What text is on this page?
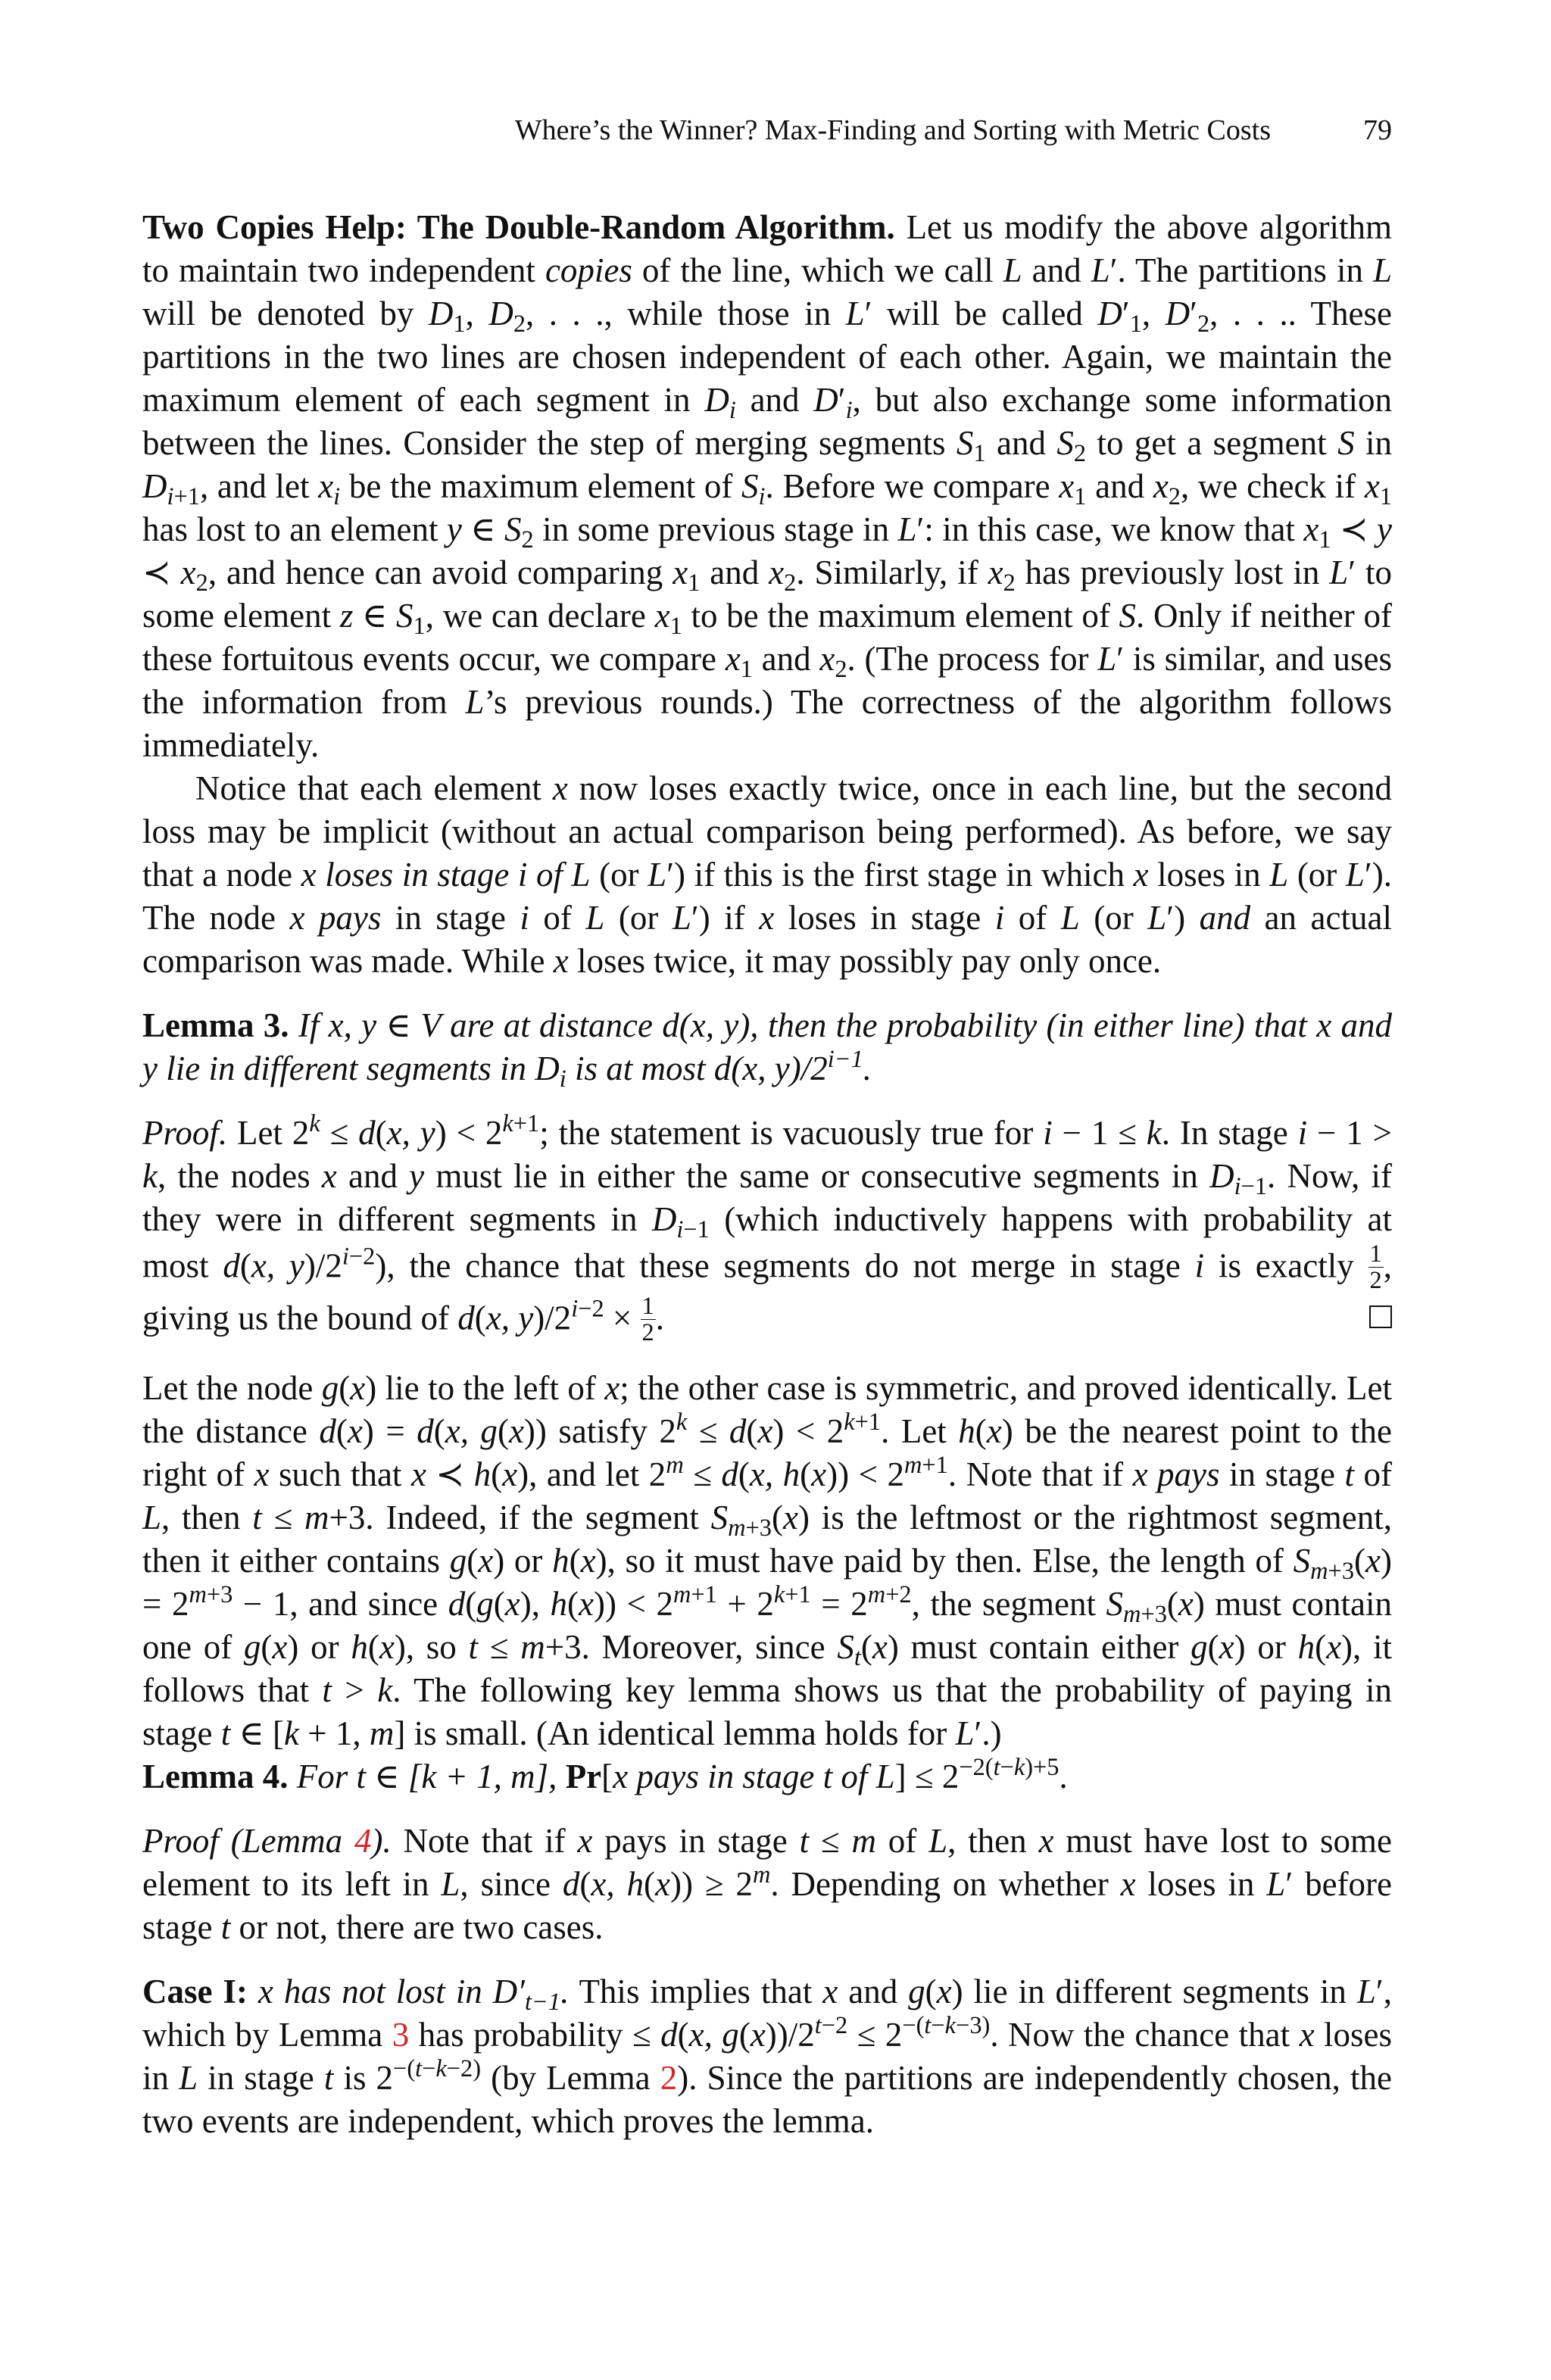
Where’s the Winner? Max-Finding and Sorting with Metric Costs	79

Two Copies Help: The Double-Random Algorithm. Let us modify the above algorithm to maintain two independent copies of the line, which we call L and L′. The partitions in L will be denoted by $D_1$, $D_2$, . . ., while those in L′ will be called $D'_1$, $D'_2$, . . .. These partitions in the two lines are chosen independent of each other. Again, we maintain the maximum element of each segment in $D_i$ and $D'_i$, but also exchange some information between the lines. Consider the step of merging segments $S_1$ and $S_2$ to get a segment S in $D_{i+1}$, and let $x_i$ be the maximum element of $S_i$. Before we compare $x_1$ and $x_2$, we check if $x_1$ has lost to an element y ∈ $S_2$ in some previous stage in L′: in this case, we know that $x_1$ ≺ y ≺ $x_2$, and hence can avoid comparing $x_1$ and $x_2$. Similarly, if $x_2$ has previously lost in L′ to some element z ∈ $S_1$, we can declare $x_1$ to be the maximum element of S. Only if neither of these fortuitous events occur, we compare $x_1$ and $x_2$. (The process for L′ is similar, and uses the information from L’s previous rounds.) The correctness of the algorithm follows immediately.

Notice that each element x now loses exactly twice, once in each line, but the second loss may be implicit (without an actual comparison being performed). As before, we say that a node x loses in stage i of L (or L′) if this is the first stage in which x loses in L (or L′). The node x pays in stage i of L (or L′) if x loses in stage i of L (or L′) and an actual comparison was made. While x loses twice, it may possibly pay only once.

Lemma 3. If x, y ∈ V are at distance d(x, y), then the probability (in either line) that x and y lie in different segments in $D_i$ is at most d(x, $y)/2^{i-1}$.

Proof. Let $2^k \le d(x$, $y) < 2^{k+1}$; the statement is vacuously true for i − 1 ≤ k. In stage i − 1 > k, the nodes x and y must lie in either the same or consecutive segments in $D_{i-1}$. Now, if they were in different segments in $D_{i-1}$ (which inductively happens with probability at most d(x, $y)/2^{i-2}$), the chance that these segments do not merge in stage i is exactly $\frac{1}{2}$ , giving us the bound of d(x, $y)/2^{i-2} \times \frac{1}{2}$ .

Let the node g(x) lie to the left of x; the other case is symmetric, and proved identically. Let the distance d(x) = d(x, g(x)) satisfy $2^k \le d(x) < 2^{k+1}$. Let h(x) be the nearest point to the right of x such that x ≺ h(x), and let $2^m \le d(x$, $h(x)) < 2^{m+1}$. Note that if x pays in stage t of L, then t ≤ m+3. Indeed, if the segment $S_{m+3}(x)$ is the leftmost or the rightmost segment, then it either contains g(x) or h(x), so it must have paid by then. Else, the length of $S_{m+3}(x) = 2^{m+3} - 1$, and since d(g(x), $h(x)) < 2^{m+1} + 2^{k+1} = 2^{m+2}$, the segment $S_{m+3}(x)$ must contain one of g(x) or h(x), so t ≤ m+3. Moreover, since $S_t(x)$ must contain either g(x) or h(x), it follows that t > k. The following key lemma shows us that the probability of paying in stage t ∈ [k + 1, m] is small. (An identical lemma holds for L′.)

Lemma 4. For t ∈ [k + 1, m], Pr[x pays in stage t of $L] \le 2^{-2(t-k)+5}$.

Proof (Lemma 4). Note that if x pays in stage t ≤ m of L, then x must have lost to some element to its left in L, since d(x, $h(x)) \ge 2^m$. Depending on whether x loses in L′ before stage t or not, there are two cases.

Case I: x has not lost in $D'_{t-1}$. This implies that x and g(x) lie in different segments in L′, which by Lemma 3 has probability ≤ d(x, $g(x))/2^{t-2} \le 2^{-(t-k-3)}$. Now the chance that x loses in L in stage t is $2^{-(t-k-2)}$ (by Lemma 2). Since the partitions are independently chosen, the two events are independent, which proves the lemma.
